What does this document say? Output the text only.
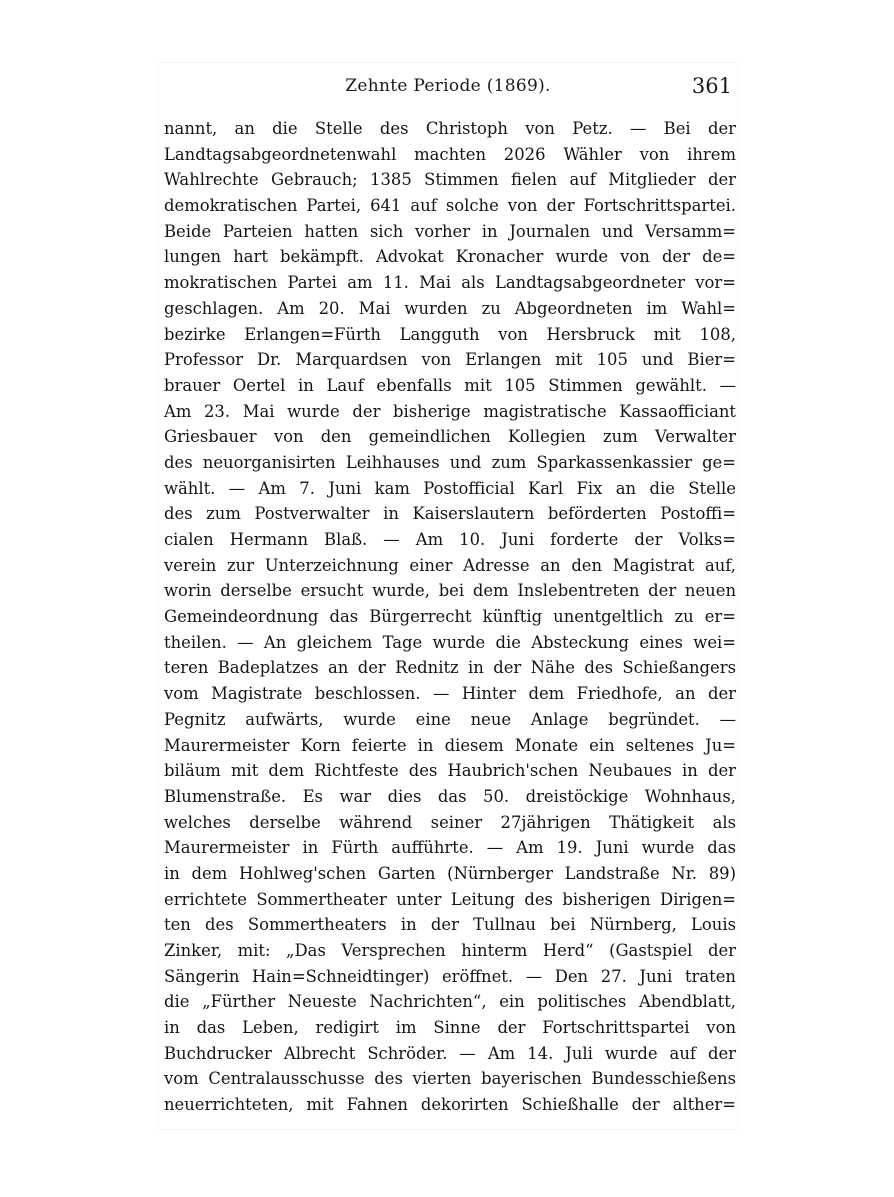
Zehnte Periode (1869).	361
nannt, an die Stelle des Christoph von Petz. — Bei der
Landtagsabgeordnetenwahl machten 2026 Wähler von ihrem
Wahlrechte Gebrauch; 1385 Stimmen fielen auf Mitglieder der
demokratischen Partei, 641 auf solche von der Fortschrittspartei.
Beide Parteien hatten sich vorher in Journalen und Versamm=
lungen hart bekämpft. Advokat Kronacher wurde von der de=
mokratischen Partei am 11. Mai als Landtagsabgeordneter vor=
geschlagen. Am 20. Mai wurden zu Abgeordneten im Wahl=
bezirke Erlangen=Fürth Langguth von Hersbruck mit 108,
Professor Dr. Marquardsen von Erlangen mit 105 und Bier=
brauer Oertel in Lauf ebenfalls mit 105 Stimmen gewählt. —
Am 23. Mai wurde der bisherige magistratische Kassaofficiant
Griesbauer von den gemeindlichen Kollegien zum Verwalter
des neuorganisirten Leihhauses und zum Sparkassenkassier ge=
wählt. — Am 7. Juni kam Postofficial Karl Fix an die Stelle
des zum Postverwalter in Kaiserslautern beförderten Postoffi=
cialen Hermann Blaß. — Am 10. Juni forderte der Volks=
verein zur Unterzeichnung einer Adresse an den Magistrat auf,
worin derselbe ersucht wurde, bei dem Inslebentreten der neuen
Gemeindeordnung das Bürgerrecht künftig unentgeltlich zu er=
theilen. — An gleichem Tage wurde die Absteckung eines wei=
teren Badeplatzes an der Rednitz in der Nähe des Schießangers
vom Magistrate beschlossen. — Hinter dem Friedhofe, an der
Pegnitz aufwärts, wurde eine neue Anlage begründet. —
Maurermeister Korn feierte in diesem Monate ein seltenes Ju=
biläum mit dem Richtfeste des Haubrich'schen Neubaues in der
Blumenstraße. Es war dies das 50. dreistöckige Wohnhaus,
welches derselbe während seiner 27jährigen Thätigkeit als
Maurermeister in Fürth aufführte. — Am 19. Juni wurde das
in dem Hohlweg'schen Garten (Nürnberger Landstraße Nr. 89)
errichtete Sommertheater unter Leitung des bisherigen Dirigen=
ten des Sommertheaters in der Tullnau bei Nürnberg, Louis
Zinker, mit: „Das Versprechen hinterm Herd“ (Gastspiel der
Sängerin Hain=Schneidtinger) eröffnet. — Den 27. Juni traten
die „Fürther Neueste Nachrichten“, ein politisches Abendblatt,
in das Leben, redigirt im Sinne der Fortschrittspartei von
Buchdrucker Albrecht Schröder. — Am 14. Juli wurde auf der
vom Centralausschusse des vierten bayerischen Bundesschießens
neuerrichteten, mit Fahnen dekorirten Schießhalle der alther=
